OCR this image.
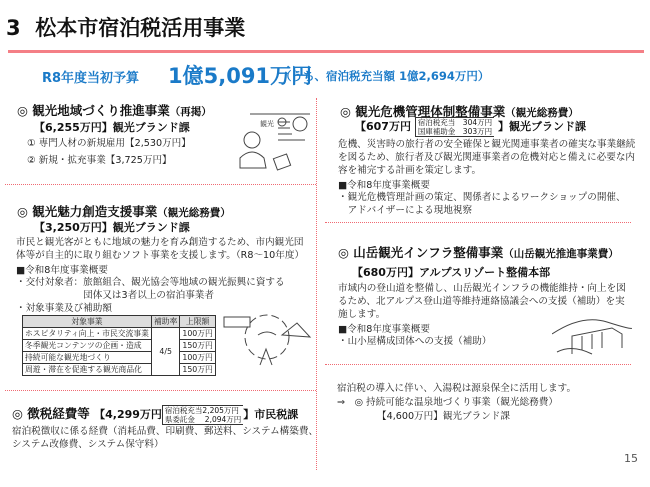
3 松本市宿泊税活用事業
R8年度当初予算 1億5,091万円
（うち、宿泊税充当額 1億2,694万円）
◎ 観光地域づくり推進事業（再掲）
【6,255万円】観光ブランド課
① 専門人材の新規雇用【2,530万円】
② 新規・拡充事業【3,725万円】
観光
◎ 観光魅力創造支援事業（観光総務費）
【3,250万円】観光ブランド課
市民と観光客がともに地域の魅力を育み創造するため、市内観光団
体等が自主的に取り組むソフト事業を支援します。（R8～10年度）
■令和8年度事業概要
・交付対象者：旅館組合、観光協会等地域の観光振興に資する
　　　　　　　団体又は3者以上の宿泊事業者
・対象事業及び補助額
対象事業	補助率	上限額
ホスピタリティ向上・市民交流事業	4/5	100万円
冬季観光コンテンツの企画・造成		150万円
持続可能な観光地づくり		100万円
周遊・滞在を促進する観光商品化		150万円
◎ 徴税経費等 【4,299万円 宿泊税充当2,205万円
県委託金　 2,094万円 】市民税課
宿泊税徴収に係る経費（消耗品費、印刷費、郵送料、システム構築費、
システム改修費、システム保守料）
◎ 観光危機管理体制整備事業（観光総務費）
【607万円 宿泊税充当　304万円
国庫補助金　303万円 】観光ブランド課
危機、災害時の旅行者の安全確保と観光関連事業者の確実な事業継続
を図るため、旅行者及び観光関連事業者の危機対応と備えに必要な内
容を補完する計画を策定します。
■令和8年度事業概要
・観光危機管理計画の策定、関係者によるワークショップの開催、
　アドバイザーによる現地視察
◎ 山岳観光インフラ整備事業（山岳観光推進事業費）
【680万円】アルプスリゾート整備本部
市域内の登山道を整備し、山岳観光インフラの機能維持・向上を図
るため、北アルプス登山道等維持連絡協議会への支援（補助）を実
施します。
■令和8年度事業概要
・山小屋構成団体への支援（補助）
宿泊税の導入に伴い、入湯税は源泉保全に活用します。
⇒　◎ 持続可能な温泉地づくり事業（観光総務費）
【4,600万円】観光ブランド課
15
